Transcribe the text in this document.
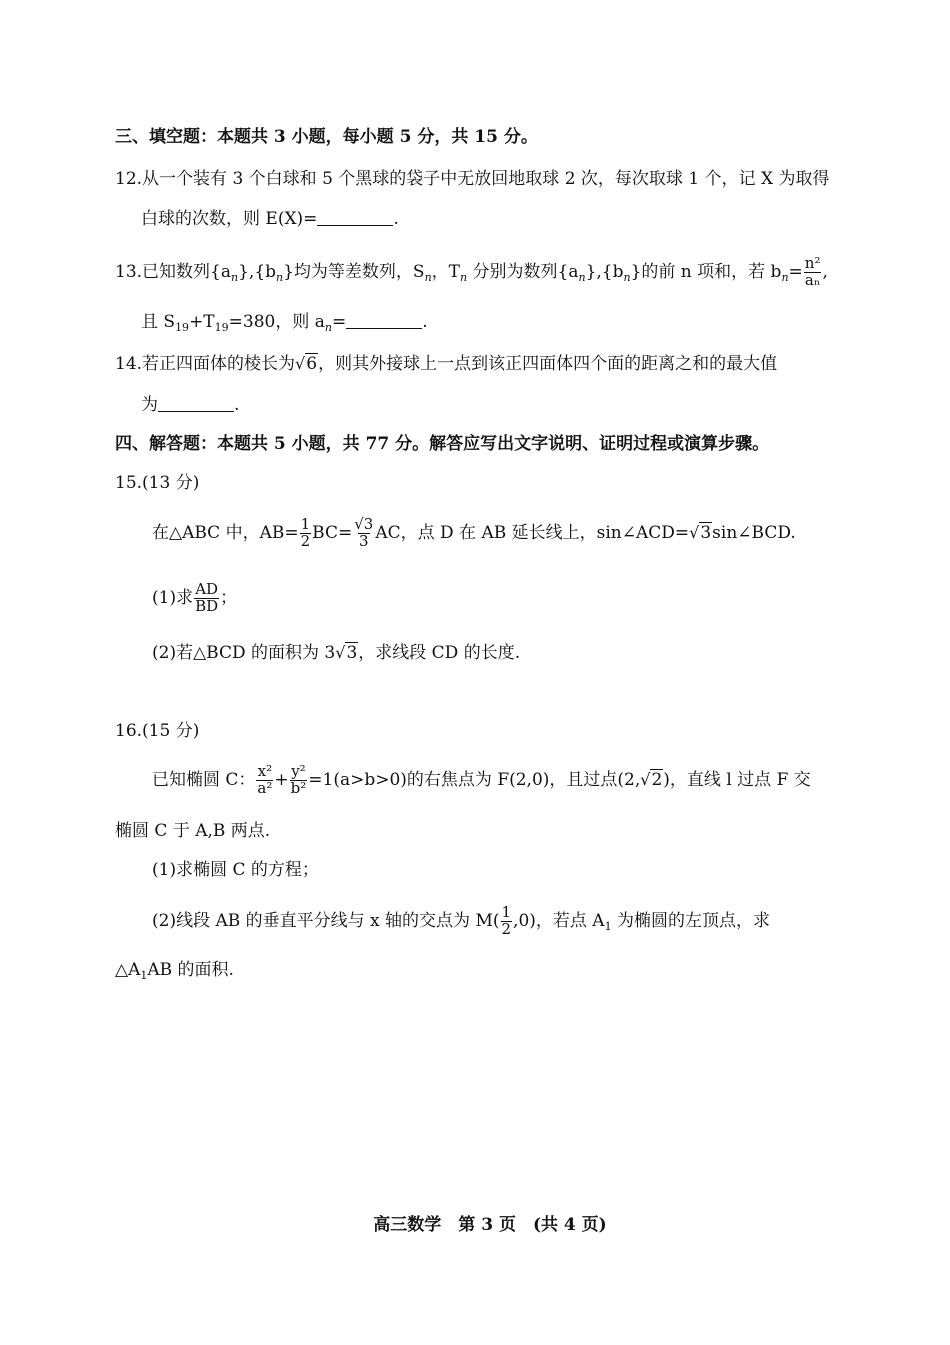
三、填空题：本题共 3 小题，每小题 5 分，共 15 分。
12.从一个装有 3 个白球和 5 个黑球的袋子中无放回地取球 2 次，每次取球 1 个，记 X 为取得
白球的次数，则 E(X)=	.
13.已知数列$\{a_n\},\{b_n\}$均为等差数列，$S_n$，$T_n$ 分别为数列$\{a_n\},\{b_n\}$的前 n 项和，若 $b_n= \frac{\text{n²}}{\text{aₙ}}$ ,
且 $S_{19}+T_{19}=380$，则 $a_n=$	.
14.若正四面体的棱长为√6，则其外接球上一点到该正四面体四个面的距离之和的最大值
为	.
四、解答题：本题共 5 小题，共 77 分。解答应写出文字说明、证明过程或演算步骤。
15.(13 分)
在△ABC 中，$AB= \frac{1}{2} BC= \frac{√3}{3}$ AC，点 D 在 AB 延长线上，sin∠ACD=√3sin∠BCD.
(1)求 $\frac{AD}{BD}$ ；
(2)若△BCD 的面积为 3√3，求线段 CD 的长度.
16.(15 分)
已知椭圆 C： $\frac{\text{x²}}{\text{a²}} + \frac{\text{y²}}{\text{b²}} =1(a>b>0)$的右焦点为 F(2,0)，且过点(2,√2)，直线 l 过点 F 交
椭圆 C 于 A,B 两点.
(1)求椭圆 C 的方程；
(2)线段 AB 的垂直平分线与 x 轴的交点为 $M( \frac{1}{2} ,0)$，若点 $A_1$ 为椭圆的左顶点，求
$\triangle A_1AB$ 的面积.
高三数学　第 3 页　(共 4 页)
